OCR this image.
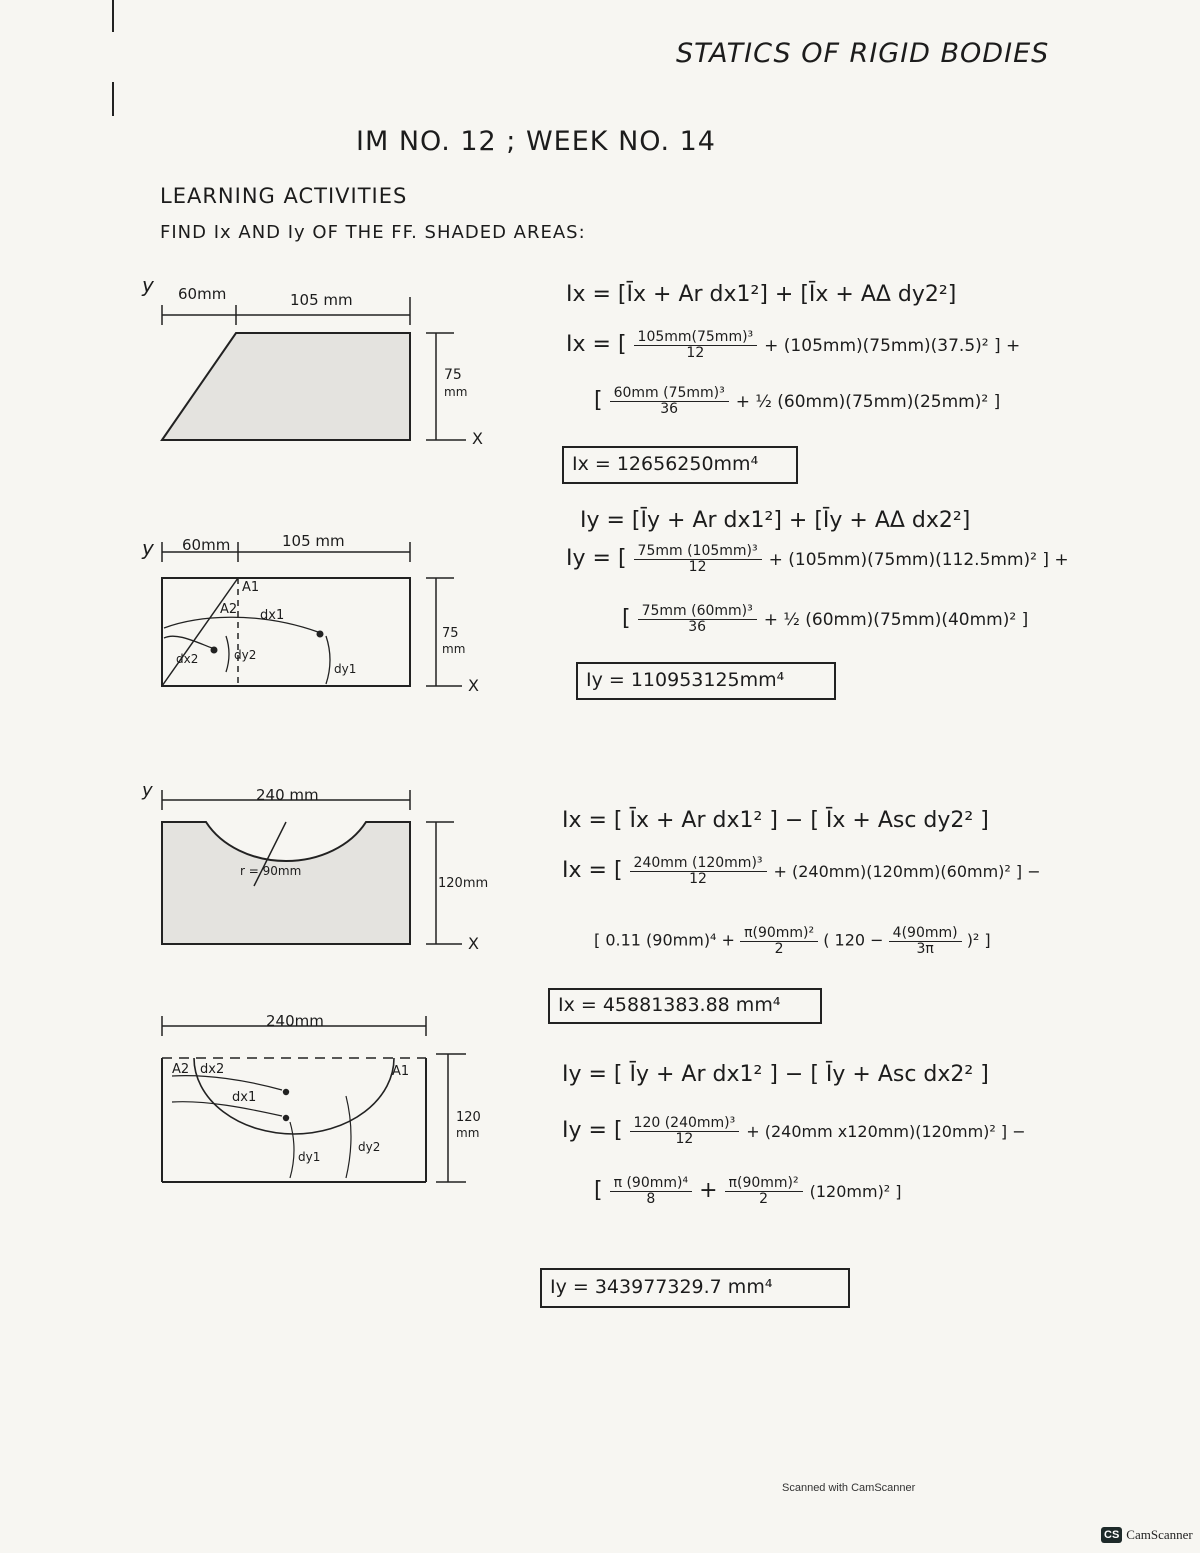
STATICS OF RIGID BODIES
IM NO. 12 ; WEEK NO. 14
LEARNING ACTIVITIES
FIND Ix AND Iy OF THE FF. SHADED AREAS:
y 60mm	105 mm
75
mm
X
y 60mm	105 mm
A1
A2 dx1
dx2	dy2
dy1
75
mm
X
y	240 mm
r = 90mm
120mm
X
240mm
A2 dx2
dx1
A1
dy1
dy2
120
mm
Ix = [Īx + Ar dx1²] + [Īx + AΔ dy2²]
Ix = [ $\frac{\text{105mm(75mm)³}}{12} + (105mm)(75mm)(37.5)^2$ ] +
[ $\frac{\text{60mm (75mm)³}}{36}$ + ½ (60mm)(75mm)(25mm)² ]
Ix = 12656250mm⁴
Iy = [Īy + Ar dx1²] + [Īy + AΔ dx2²]
Iy = [ $\frac{\text{75mm (105mm)³}}{12} + (105mm)(75mm)(112.5mm)^2$ ] +
[ $\frac{\text{75mm (60mm)³}}{36}$ + ½ (60mm)(75mm)(40mm)² ]
Iy = 110953125mm⁴
Ix = [ Īx + Ar dx1² ] − [ Īx + Asc dy2² ]
Ix = [ $\frac{\text{240mm (120mm)³}}{12} + (240mm)(120mm)(60mm)^2$ ] −
[ 0.11 $(90mm)^4 + \frac{\text{π(90mm)²}}{2}$ ( $120 - \frac{4(90mm)}{3\pi} )^2$ ]
Ix = 45881383.88 mm⁴
Iy = [ Īy + Ar dx1² ] − [ Īy + Asc dx2² ]
Iy = [ $\frac{\text{120 (240mm)³}}{12} + (240mm$ x120mm)(120mm)² ] −
[ $\frac{\text{π (90mm)⁴}}{8} + \frac{\text{π(90mm)²}}{2} (120mm)^2$ ]
Iy = 343977329.7 mm⁴
Scanned with CamScanner
CS CamScanner
